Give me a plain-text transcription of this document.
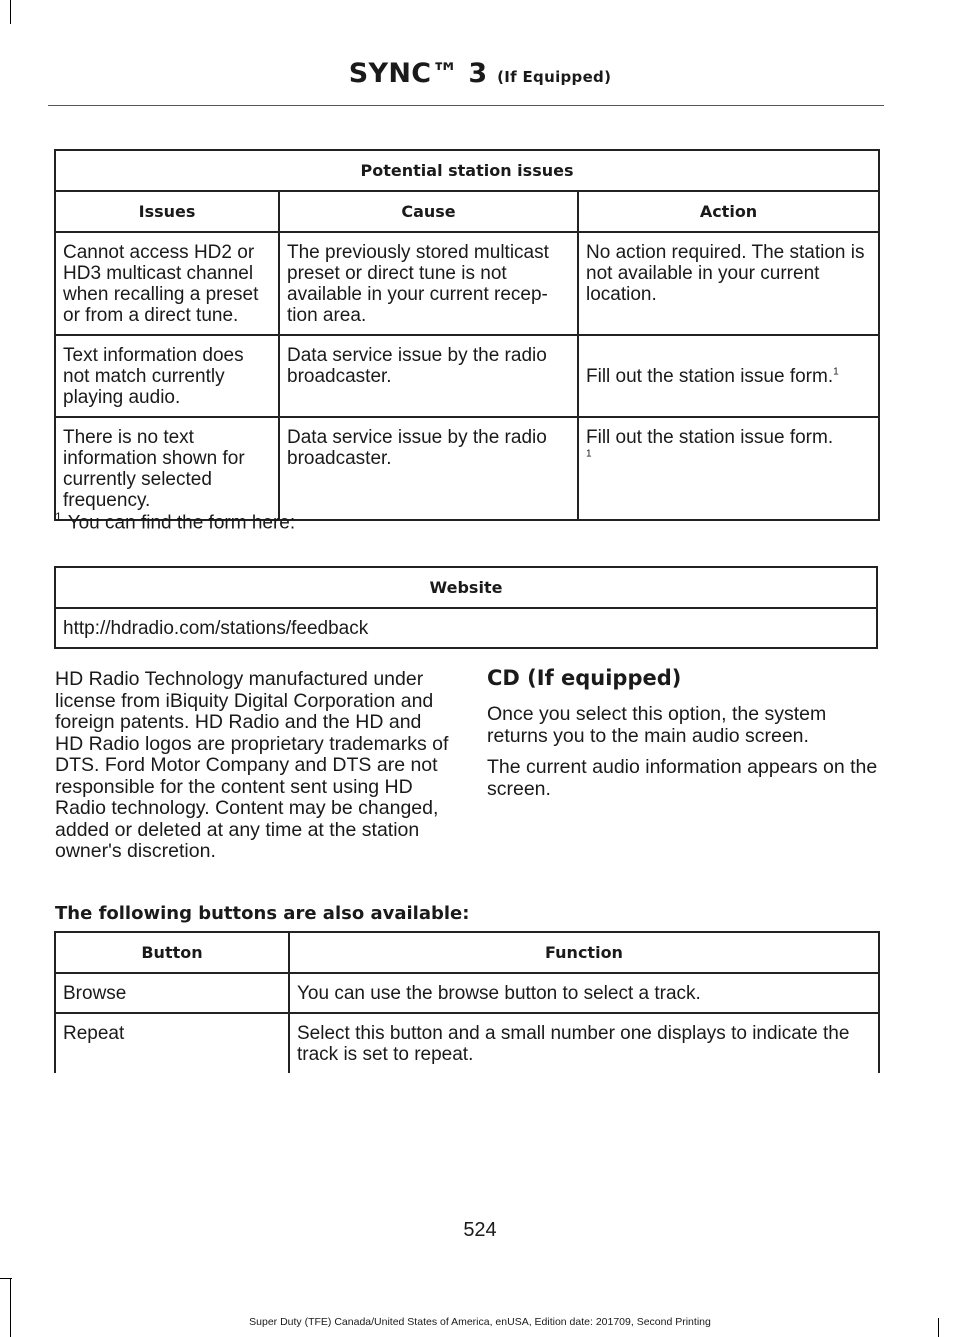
SYNC™ 3 (If Equipped)
Potential station issues		
Issues	Cause	Action
Cannot access HD2 or HD3 multicast channel when recalling a preset or from a direct tune.	The previously stored multicast preset or direct tune is not available in your current recep-tion area.	No action required. The station is not available in your current location.
Text information does not match currently playing audio.	Data service issue by the radio broadcaster.	Fill out the station issue form.$^1$
There is no text information shown for currently selected frequency.	Data service issue by the radio broadcaster.	Fill out the station issue form.
$^1$
$^1$ You can find the form here:
Website
http://hdradio.com/stations/feedback

HD Radio Technology manufactured under license from iBiquity Digital Corporation and foreign patents. HD Radio and the HD and HD Radio logos are proprietary trademarks of DTS. Ford Motor Company and DTS are not responsible for the content sent using HD Radio technology. Content may be changed, added or deleted at any time at the station owner's discretion.

CD (If equipped)

Once you select this option, the system returns you to the main audio screen.

The current audio information appears on the screen.

The following buttons are also available:
Button	Function
Browse	You can use the browse button to select a track.
Repeat	Select this button and a small number one displays to indicate the track is set to repeat.
524
Super Duty (TFE) Canada/United States of America, enUSA, Edition date: 201709, Second Printing
